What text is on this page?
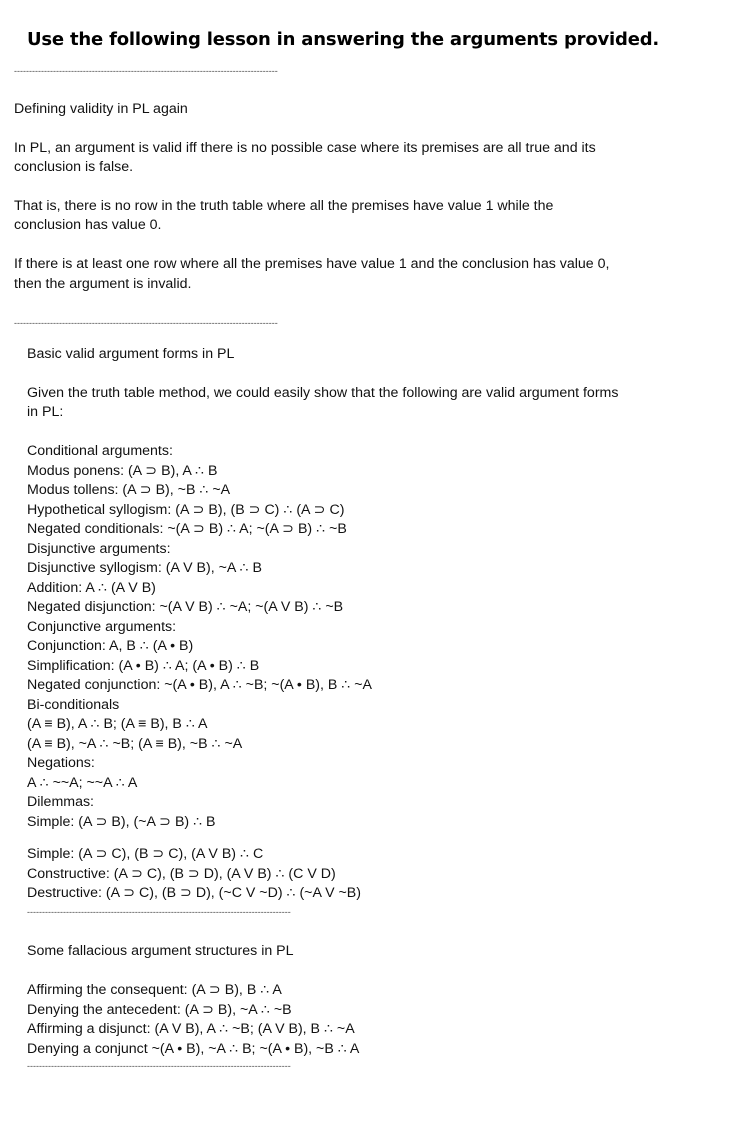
Use the following lesson in answering the arguments provided.
----------------------------------------------------------------------------------------
Defining validity in PL again
In PL, an argument is valid iff there is no possible case where its premises are all true and its
conclusion is false.
That is, there is no row in the truth table where all the premises have value 1 while the
conclusion has value 0.
If there is at least one row where all the premises have value 1 and the conclusion has value 0,
then the argument is invalid.
----------------------------------------------------------------------------------------
Basic valid argument forms in PL
Given the truth table method, we could easily show that the following are valid argument forms
in PL:
Conditional arguments:
Modus ponens: (A ⊃ B), A ∴ B
Modus tollens: (A ⊃ B), ~B ∴ ~A
Hypothetical syllogism: (A ⊃ B), (B ⊃ C) ∴ (A ⊃ C)
Negated conditionals: ~(A ⊃ B) ∴ A; ~(A ⊃ B) ∴ ~B
Disjunctive arguments:
Disjunctive syllogism: (A V B), ~A ∴ B
Addition: A ∴ (A V B)
Negated disjunction: ~(A V B) ∴ ~A; ~(A V B) ∴ ~B
Conjunctive arguments:
Conjunction: A, B ∴ (A • B)
Simplification: (A • B) ∴ A; (A • B) ∴ B
Negated conjunction: ~(A • B), A ∴ ~B; ~(A • B), B ∴ ~A
Bi-conditionals
(A ≡ B), A ∴ B; (A ≡ B), B ∴ A
(A ≡ B), ~A ∴ ~B; (A ≡ B), ~B ∴ ~A
Negations:
A ∴ ~~A; ~~A ∴ A
Dilemmas:
Simple: (A ⊃ B), (~A ⊃ B) ∴ B
Simple: (A ⊃ C), (B ⊃ C), (A V B) ∴ C
Constructive: (A ⊃ C), (B ⊃ D), (A V B) ∴ (C V D)
Destructive: (A ⊃ C), (B ⊃ D), (~C V ~D) ∴ (~A V ~B)
----------------------------------------------------------------------------------------
Some fallacious argument structures in PL
Affirming the consequent: (A ⊃ B), B ∴ A
Denying the antecedent: (A ⊃ B), ~A ∴ ~B
Affirming a disjunct: (A V B), A ∴ ~B; (A V B), B ∴ ~A
Denying a conjunct ~(A • B), ~A ∴ B; ~(A • B), ~B ∴ A
----------------------------------------------------------------------------------------
